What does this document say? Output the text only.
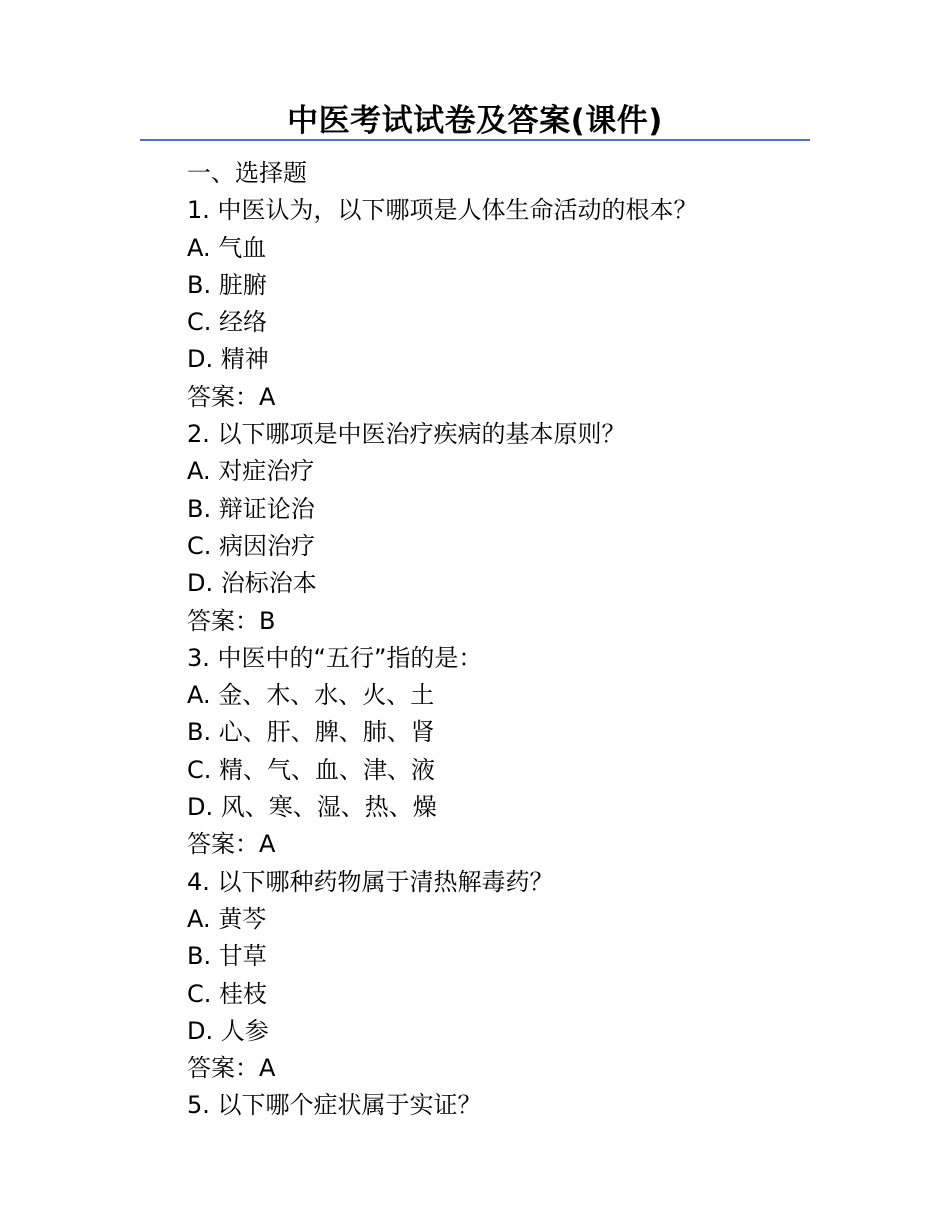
中医考试试卷及答案(课件)
一、选择题
1. 中医认为，以下哪项是人体生命活动的根本？
A. 气血
B. 脏腑
C. 经络
D. 精神
答案：A
2. 以下哪项是中医治疗疾病的基本原则？
A. 对症治疗
B. 辩证论治
C. 病因治疗
D. 治标治本
答案：B
3. 中医中的“五行”指的是：
A. 金、木、水、火、土
B. 心、肝、脾、肺、肾
C. 精、气、血、津、液
D. 风、寒、湿、热、燥
答案：A
4. 以下哪种药物属于清热解毒药？
A. 黄芩
B. 甘草
C. 桂枝
D. 人参
答案：A
5. 以下哪个症状属于实证？
